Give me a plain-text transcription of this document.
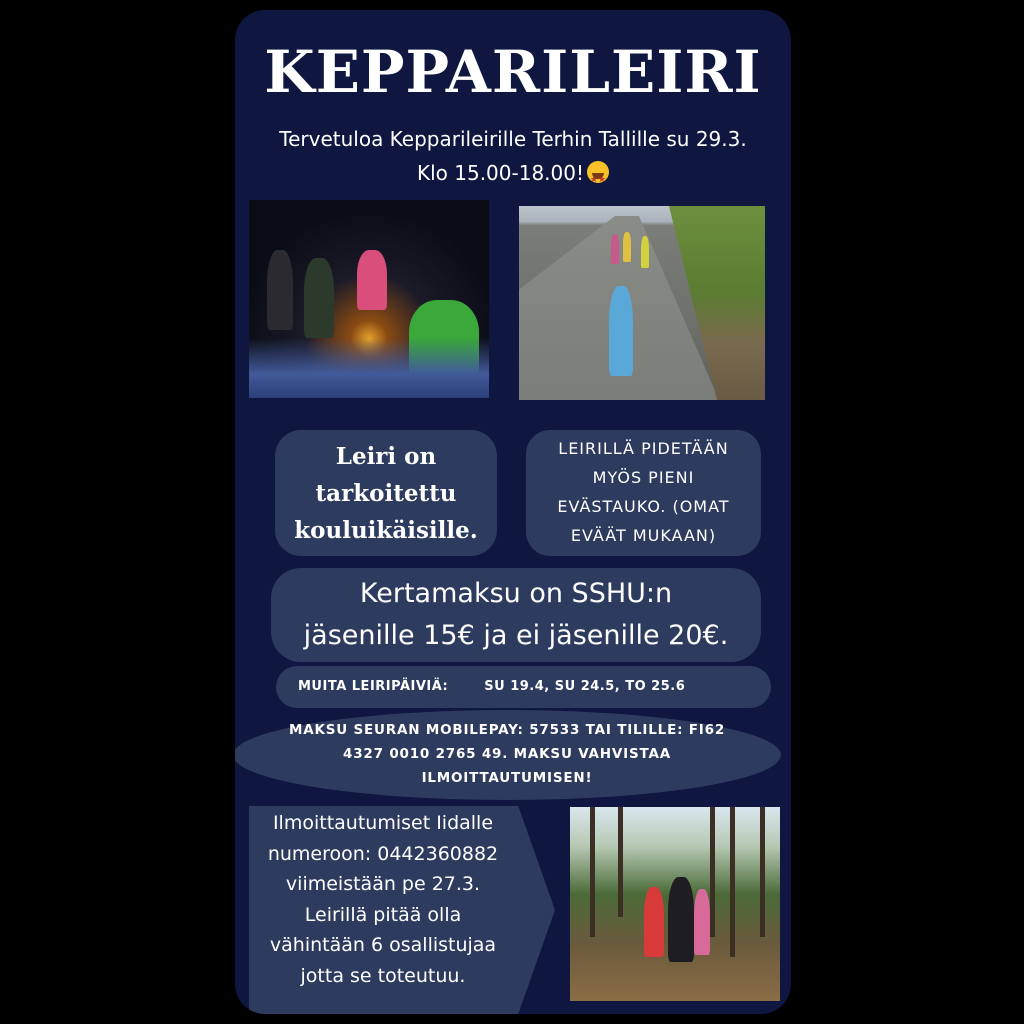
KEPPARILEIRI
Tervetuloa Kepparileirille Terhin Tallille su 29.3.
Klo 15.00-18.00!★
★
Leiri on
tarkoitettu
kouluikäisille.
LEIRILLÄ PIDETÄÄN
MYÖS PIENI
EVÄSTAUKO. (OMAT
EVÄÄT MUKAAN)
Kertamaksu on SSHU:n
jäsenille 15€ ja ei jäsenille 20€.
MUITA LEIRIPÄIVIÄ:	SU 19.4, SU 24.5, TO 25.6
MAKSU SEURAN MOBILEPAY: 57533 TAI TILILLE: FI62
4327 0010 2765 49. MAKSU VAHVISTAA
ILMOITTAUTUMISEN!
Ilmoittautumiset Iidalle
numeroon: 0442360882
viimeistään pe 27.3.
Leirillä pitää olla
vähintään 6 osallistujaa
jotta se toteutuu.
